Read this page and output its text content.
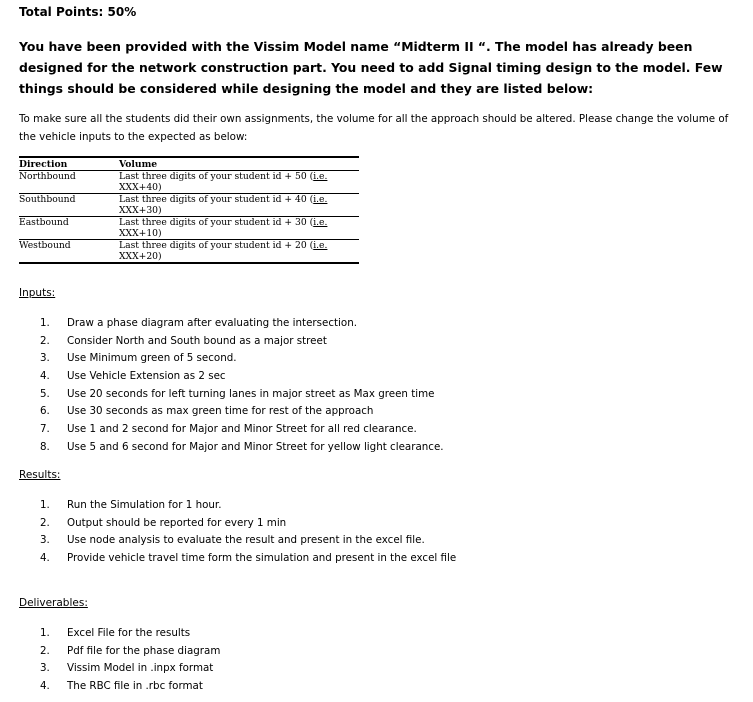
Total Points: 50%
You have been provided with the Vissim Model name “Midterm II “. The model has already been designed for the network construction part. You need to add Signal timing design to the model. Few things should be considered while designing the model and they are listed below:
To make sure all the students did their own assignments, the volume for all the approach should be altered. Please change the volume of the vehicle inputs to the expected as below:
Direction	Volume
Northbound	Last three digits of your student id + 50 (i.e.
XXX+40)
Southbound	Last three digits of your student id + 40 (i.e.
XXX+30)
Eastbound	Last three digits of your student id + 30 (i.e.
XXX+10)
Westbound	Last three digits of your student id + 20 (i.e.
XXX+20)
Inputs:
1. Draw a phase diagram after evaluating the intersection.
2. Consider North and South bound as a major street
3. Use Minimum green of 5 second.
4. Use Vehicle Extension as 2 sec
5. Use 20 seconds for left turning lanes in major street as Max green time
6. Use 30 seconds as max green time for rest of the approach
7. Use 1 and 2 second for Major and Minor Street for all red clearance.
8. Use 5 and 6 second for Major and Minor Street for yellow light clearance.
Results:
1. Run the Simulation for 1 hour.
2. Output should be reported for every 1 min
3. Use node analysis to evaluate the result and present in the excel file.
4. Provide vehicle travel time form the simulation and present in the excel file
Deliverables:
1. Excel File for the results
2. Pdf file for the phase diagram
3. Vissim Model in .inpx format
4. The RBC file in .rbc format
